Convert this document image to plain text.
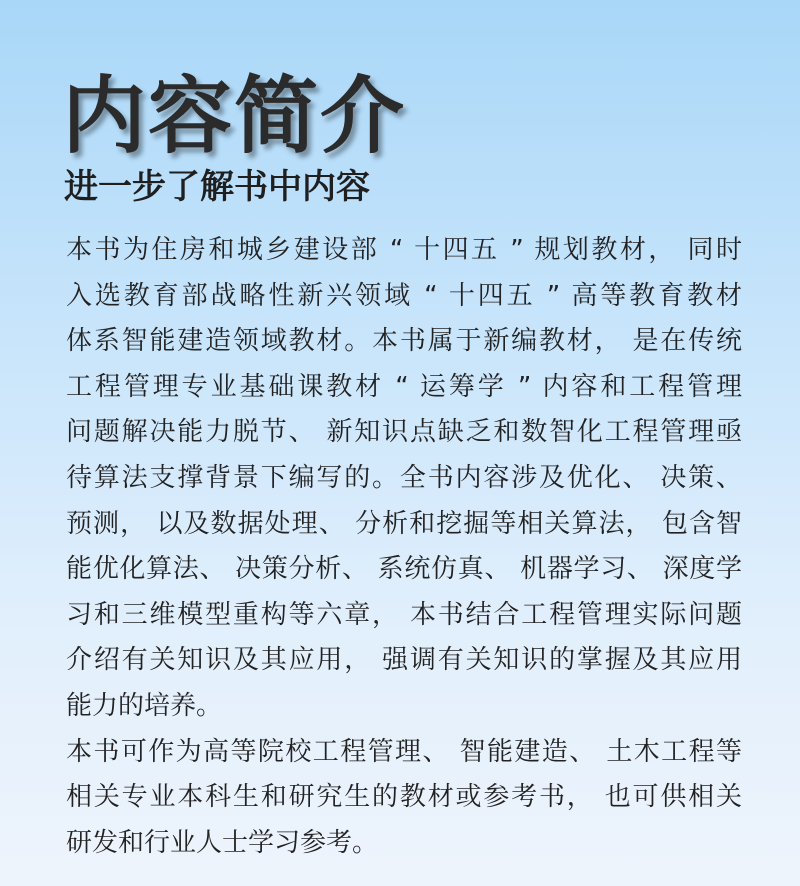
内容简介
进一步了解书中内容
本书为住房和城乡建设部 “ 十四五 ” 规划教材， 同时
入选教育部战略性新兴领域 “ 十四五 ” 高等教育教材
体系智能建造领域教材。本书属于新编教材， 是在传统
工程管理专业基础课教材 “ 运筹学 ” 内容和工程管理
问题解决能力脱节、 新知识点缺乏和数智化工程管理亟
待算法支撑背景下编写的。全书内容涉及优化、 决策、
预测， 以及数据处理、 分析和挖掘等相关算法， 包含智
能优化算法、 决策分析、 系统仿真、 机器学习、 深度学
习和三维模型重构等六章， 本书结合工程管理实际问题
介绍有关知识及其应用， 强调有关知识的掌握及其应用
能力的培养。
本书可作为高等院校工程管理、 智能建造、 土木工程等
相关专业本科生和研究生的教材或参考书， 也可供相关
研发和行业人士学习参考。
